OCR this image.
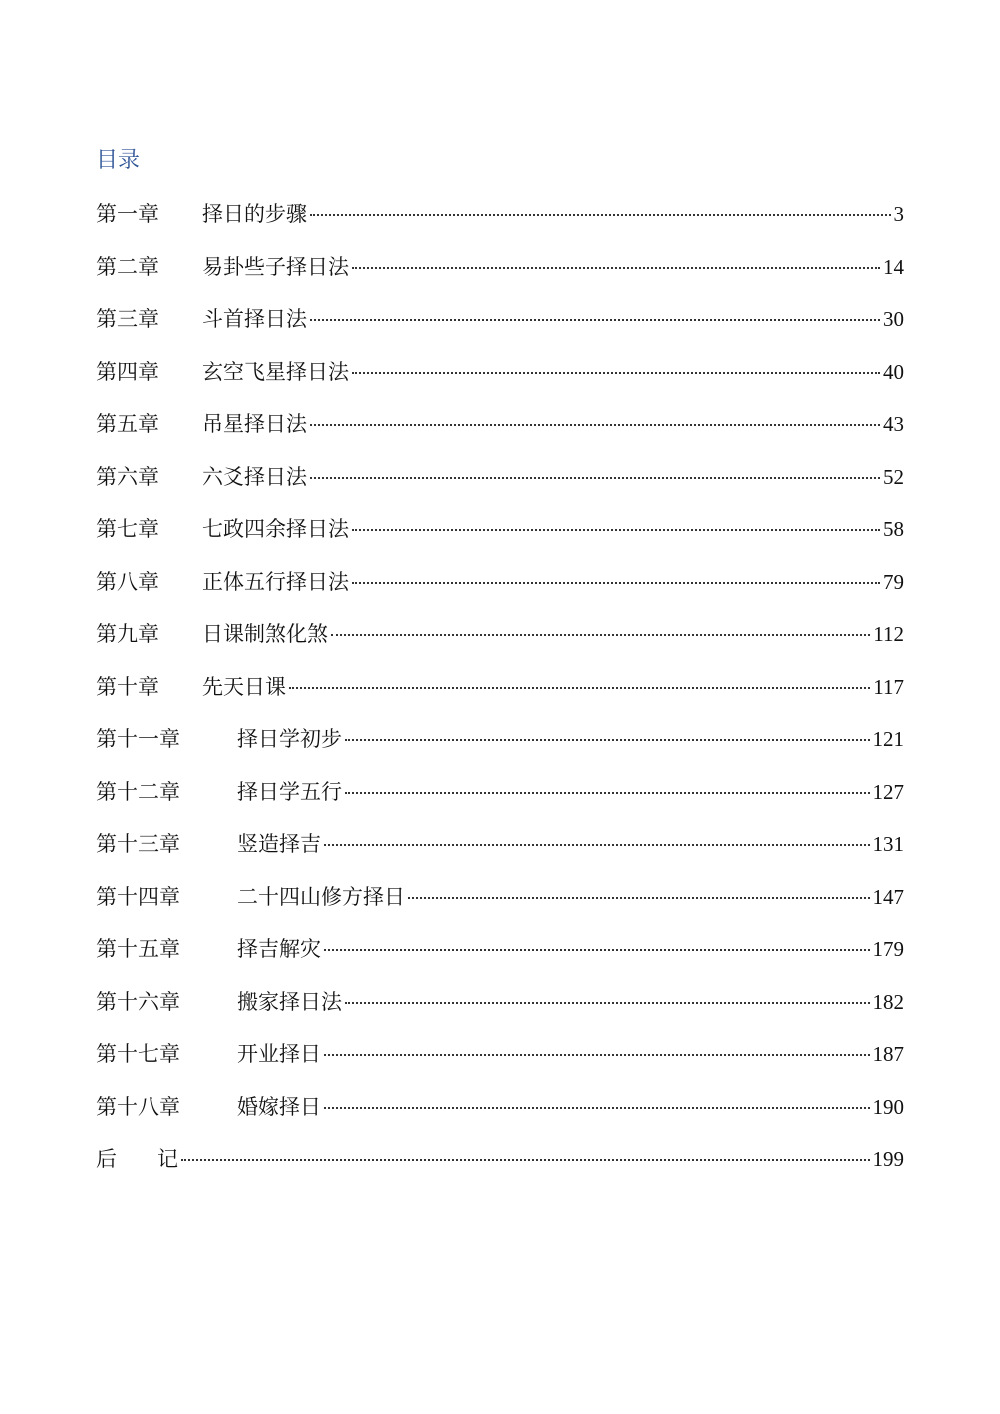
目录
第一章	择日的步骤	3
第二章	易卦些子择日法	14
第三章	斗首择日法	30
第四章	玄空飞星择日法	40
第五章	吊星择日法	43
第六章	六爻择日法	52
第七章	七政四余择日法	58
第八章	正体五行择日法	79
第九章	日课制煞化煞	112
第十章	先天日课	117
第十一章	择日学初步	121
第十二章	择日学五行	127
第十三章	竖造择吉	131
第十四章	二十四山修方择日	147
第十五章	择吉解灾	179
第十六章	搬家择日法	182
第十七章	开业择日	187
第十八章	婚嫁择日	190
后记	199
